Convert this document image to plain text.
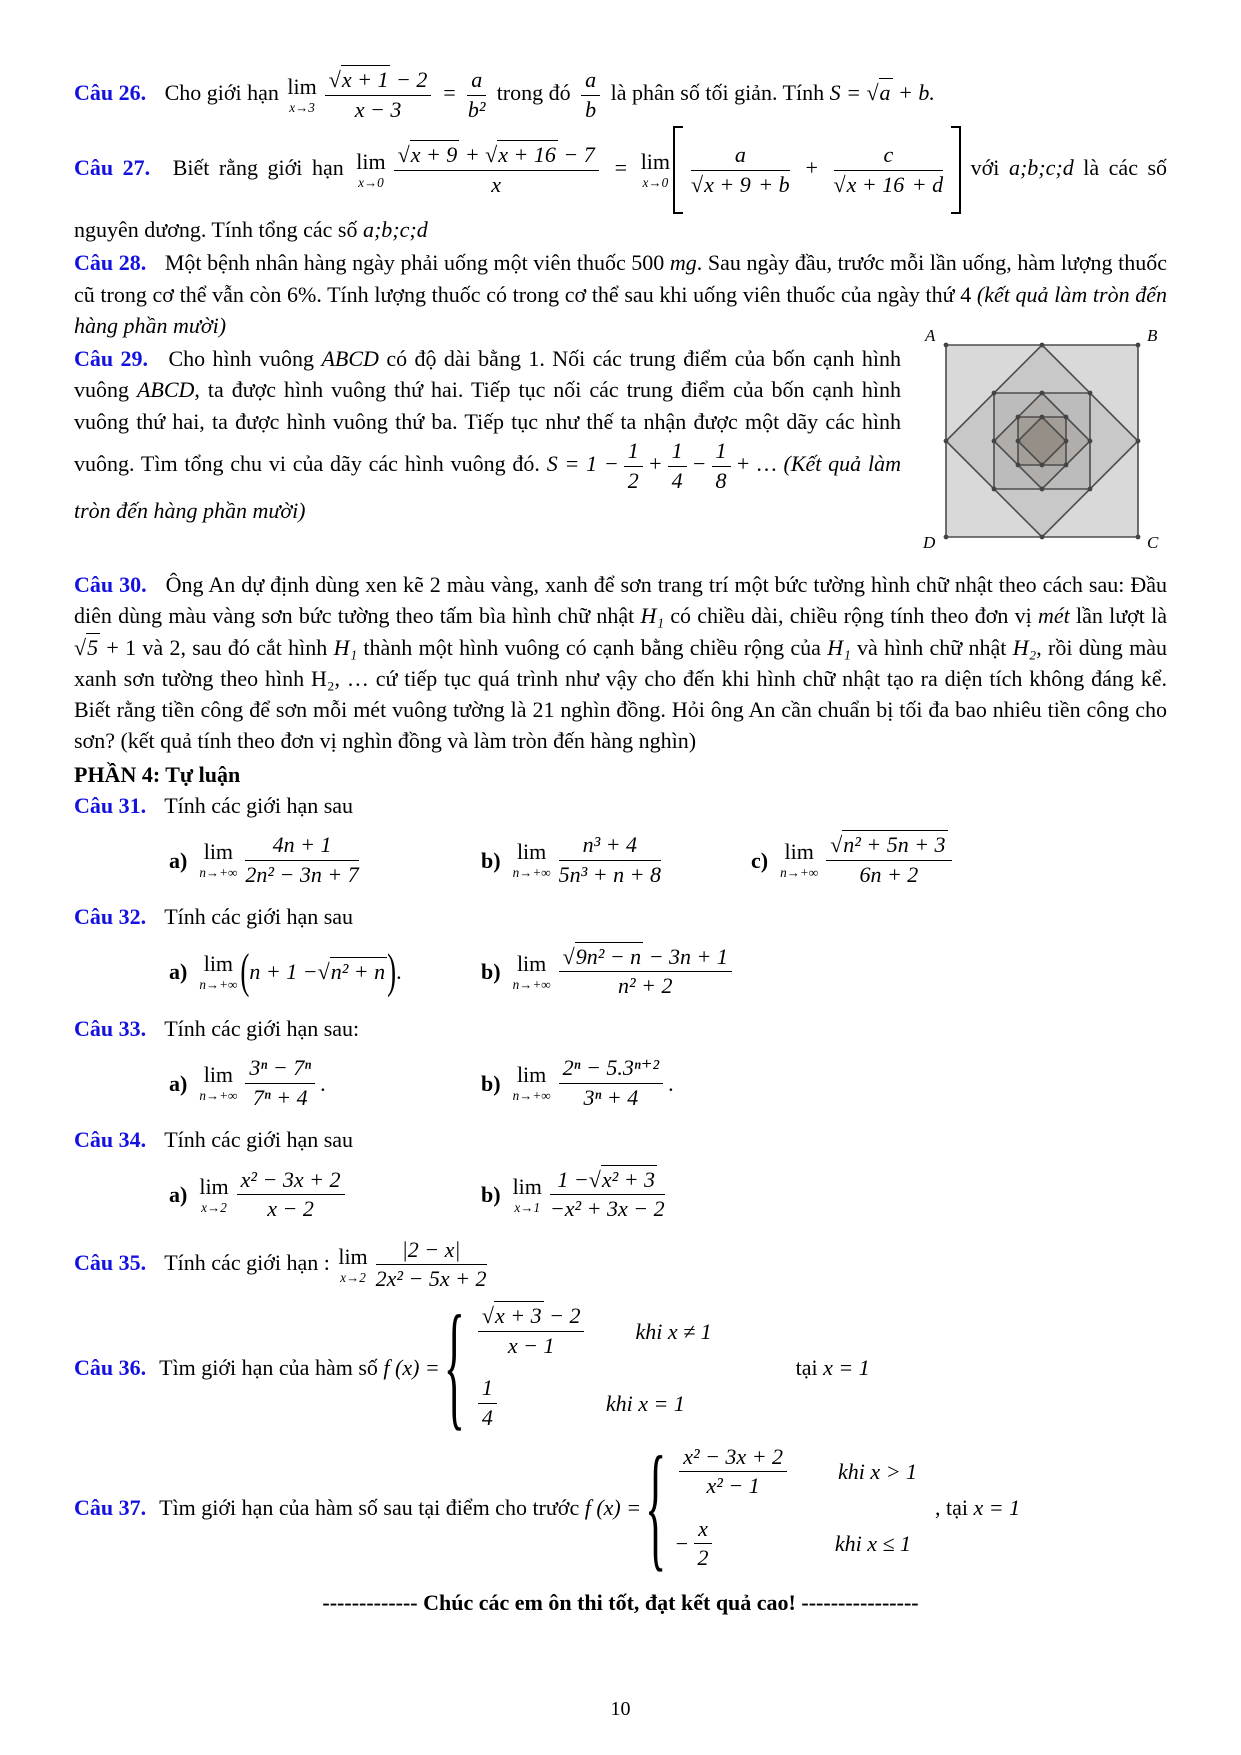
Câu 26. Cho giới hạn lim
$x\to 3 \frac{√x + 1 - 2}{x - 3} = \frac{a}{\text{b²}}$ trong đó $\frac{a}{b}$ là phân số tối giản. Tính S = √a + b.

Câu 27. Biết rằng giới hạn lim
$x\to 0 \frac{√x + 9 + √x + 16 - 7}{x} = \lim$
$x\to 0 \frac{a}{√x + 9 + b} + \frac{c}{√x + 16 + d}$ với a;b;c;d là các số nguyên dương. Tính tổng các số a;b;c;d

Câu 28. Một bệnh nhân hàng ngày phải uống một viên thuốc 500 mg. Sau ngày đầu, trước mỗi lần uống, hàm lượng thuốc cũ trong cơ thể vẫn còn 6%. Tính lượng thuốc có trong cơ thể sau khi uống viên thuốc của ngày thứ 4 (kết quả làm tròn đến hàng phần mười)	A	B
C
D
Câu 29. Cho hình vuông ABCD có độ dài bằng 1. Nối các trung điểm của bốn cạnh hình vuông ABCD, ta được hình vuông thứ hai. Tiếp tục nối các trung điểm của bốn cạnh hình vuông thứ hai, ta được hình vuông thứ ba. Tiếp tục như thế ta nhận được một dãy các hình vuông. Tìm tổng chu vi của dãy các hình vuông đó. $S = 1 - \frac{1}{2} + \frac{1}{4} - \frac{1}{8}$ + … (Kết quả làm tròn đến hàng phần mười)

Câu 30. Ông An dự định dùng xen kẽ 2 màu vàng, xanh để sơn trang trí một bức tường hình chữ nhật theo cách sau: Đầu diên dùng màu vàng sơn bức tường theo tấm bìa hình chữ nhật H₁ có chiều dài, chiều rộng tính theo đơn vị mét lần lượt là √5 + 1 và 2, sau đó cắt hình H₁ thành một hình vuông có cạnh bằng chiều rộng của H₁ và hình chữ nhật H₂, rồi dùng màu xanh sơn tường theo hình H₂, … cứ tiếp tục quá trình như vậy cho đến khi hình chữ nhật tạo ra diện tích không đáng kể. Biết rằng tiền công để sơn mỗi mét vuông tường là 21 nghìn đồng. Hỏi ông An cần chuẩn bị tối đa bao nhiêu tiền công cho sơn? (kết quả tính theo đơn vị nghìn đồng và làm tròn đến hàng nghìn)

PHẦN 4: Tự luận

Câu 31. Tính các giới hạn sau

a) lim
$n\to+\infty \frac{4n + 1}{\text{2n² − 3n + 7}}$	b) lim
$n\to+\infty \frac{\text{n³ + 4}}{\text{5n³ + n + 8}}$	c) lim
$n\to+\infty \frac{\text{√n² + 5n + 3}}{6n + 2}$

Câu 32. Tính các giới hạn sau

a) lim
n→+∞ ( n + 1 − √n² + n ) .	b) lim
$n\to+\infty \frac{\text{√9n² − n − 3n + 1}}{\text{n² + 2}}$

Câu 33. Tính các giới hạn sau:

a) lim
$n\to+\infty \frac{\text{3ⁿ − 7ⁿ}}{\text{7ⁿ + 4}}$ .	b) lim
$n\to+\infty \frac{\text{2ⁿ − 5.3ⁿ⁺²}}{\text{3ⁿ + 4}}$ .

Câu 34. Tính các giới hạn sau

a) lim
$x\to 2 \frac{\text{x² − 3x + 2}}{x - 2}$	b) lim
$x\to 1 \frac{\text{1 −√x² + 3}}{\text{−x² + 3x − 2}}$

Câu 35. Tính các giới hạn : lim
$x\to 2 \frac{|2 - x|}{\text{2x² − 5x + 2}}$

Câu 36. Tìm giới hạn của hàm số
f (x) = { $\frac{√x + 3 - 2}{x - 1}$ khi x ≠ 1
$\frac{1}{4}$	khi x = 1
tại x = 1
Câu 37. Tìm giới hạn của hàm số sau tại điểm cho trước
f (x) = { $\frac{\text{x² − 3x + 2}}{\text{x² − 1}}$ khi x > 1
− $\frac{x}{2}$	khi x ≤ 1
, tại x = 1

------------- Chúc các em ôn thi tốt, đạt kết quả cao! ----------------

10
